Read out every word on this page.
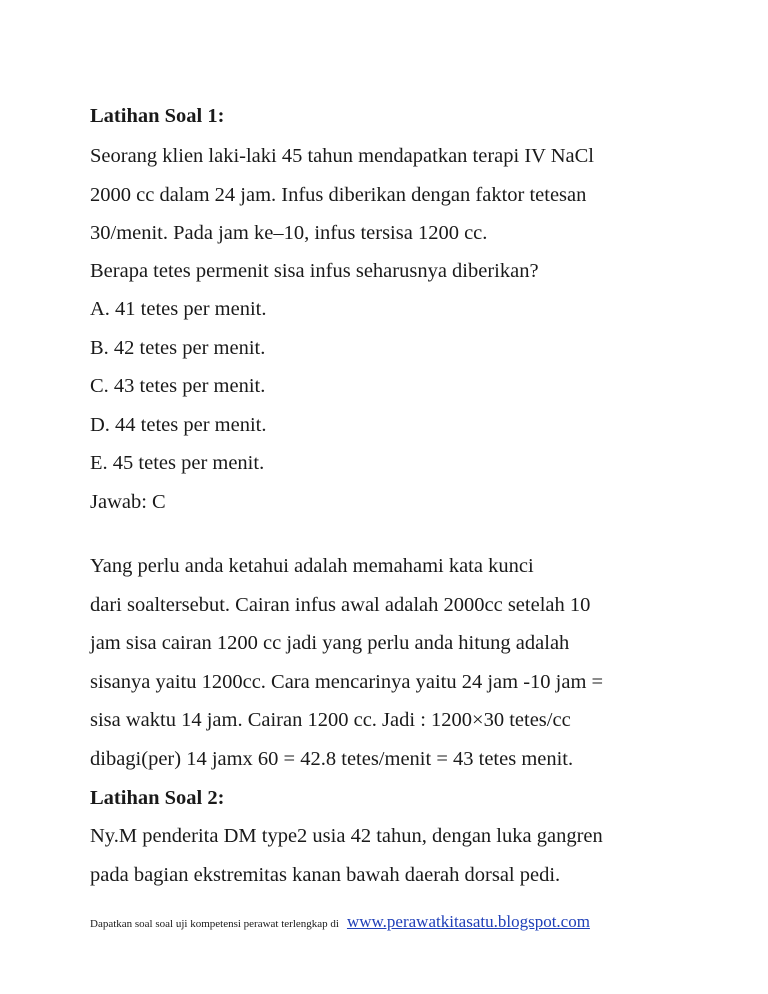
Latihan Soal 1:
Seorang klien laki-laki 45 tahun mendapatkan terapi IV NaCl
2000 cc dalam 24 jam. Infus diberikan dengan faktor tetesan
30/menit. Pada jam ke–10, infus tersisa 1200 cc.
Berapa tetes permenit sisa infus seharusnya diberikan?
A. 41 tetes per menit.
B. 42 tetes per menit.
C. 43 tetes per menit.
D. 44 tetes per menit.
E. 45 tetes per menit.
Jawab: C
Yang perlu anda ketahui adalah memahami kata kunci
dari soaltersebut. Cairan infus awal adalah 2000cc setelah 10
jam sisa cairan 1200 cc jadi yang perlu anda hitung adalah
sisanya yaitu 1200cc. Cara mencarinya yaitu 24 jam -10 jam =
sisa waktu 14 jam. Cairan 1200 cc. Jadi : 1200×30 tetes/cc
dibagi(per) 14 jamx 60 = 42.8 tetes/menit = 43 tetes menit.
Latihan Soal 2:
Ny.M penderita DM type2 usia 42 tahun, dengan luka gangren
pada bagian ekstremitas kanan bawah daerah dorsal pedi.
Dapatkan soal soal uji kompetensi perawat terlengkap di www.perawatkitasatu.blogspot.com
